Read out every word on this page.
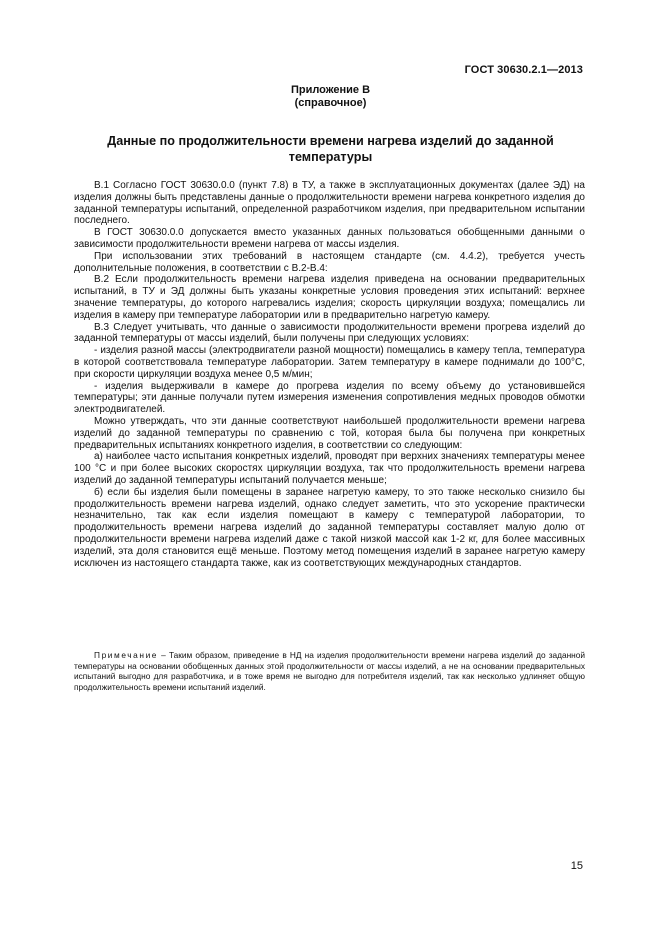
ГОСТ 30630.2.1—2013
Приложение В
(справочное)
Данные по продолжительности времени нагрева изделий до заданной температуры

В.1 Согласно ГОСТ 30630.0.0 (пункт 7.8) в ТУ, а также в эксплуатационных документах (далее ЭД) на изделия должны быть представлены данные о продолжительности времени нагрева конкретного изделия до заданной температуры испытаний, определенной разработчиком изделия, при предварительном испытании последнего.

В ГОСТ 30630.0.0 допускается вместо указанных данных пользоваться обобщенными данными о зависимости продолжительности времени нагрева от массы изделия.

При использовании этих требований в настоящем стандарте (см. 4.4.2), требуется учесть дополнительные положения, в соответствии с В.2-В.4:

В.2 Если продолжительность времени нагрева изделия приведена на основании предварительных испытаний, в ТУ и ЭД должны быть указаны конкретные условия проведения этих испытаний: верхнее значение температуры, до которого нагревались изделия; скорость циркуляции воздуха; помещались ли изделия в камеру при температуре лаборатории или в предварительно нагретую камеру.

В.3 Следует учитывать, что данные о зависимости продолжительности времени прогрева изделий до заданной температуры от массы изделий, были получены при следующих условиях:

- изделия разной массы (электродвигатели разной мощности) помещались в камеру тепла, температура в которой соответствовала температуре лаборатории. Затем температуру в камере поднимали до 100°C, при скорости циркуляции воздуха менее 0,5 м/мин;

- изделия выдерживали в камере до прогрева изделия по всему объему до установившейся температуры; эти данные получали путем измерения изменения сопротивления медных проводов обмотки электродвигателей.

Можно утверждать, что эти данные соответствуют наибольшей продолжительности времени нагрева изделий до заданной температуры по сравнению с той, которая была бы получена при конкретных предварительных испытаниях конкретного изделия, в соответствии со следующим:

а) наиболее часто испытания конкретных изделий, проводят при верхних значениях температуры менее 100 °C и при более высоких скоростях циркуляции воздуха, так что продолжительность времени нагрева изделий до заданной температуры испытаний получается меньше;

б) если бы изделия были помещены в заранее нагретую камеру, то это также несколько снизило бы продолжительность времени нагрева изделий, однако следует заметить, что это ускорение практически незначительно, так как если изделия помещают в камеру с температурой лаборатории, то продолжительность времени нагрева изделий до заданной температуры составляет малую долю от продолжительности времени нагрева изделий даже с такой низкой массой как 1-2 кг, для более массивных изделий, эта доля становится ещё меньше. Поэтому метод помещения изделий в заранее нагретую камеру исключен из настоящего стандарта также, как из соответствующих международных стандартов.

Примечание – Таким образом, приведение в НД на изделия продолжительности времени нагрева изделий до заданной температуры на основании обобщенных данных этой продолжительности от массы изделий, а не на основании предварительных испытаний выгодно для разработчика, и в тоже время не выгодно для потребителя изделий, так как несколько удлиняет общую продолжительность времени испытаний изделий.

15
